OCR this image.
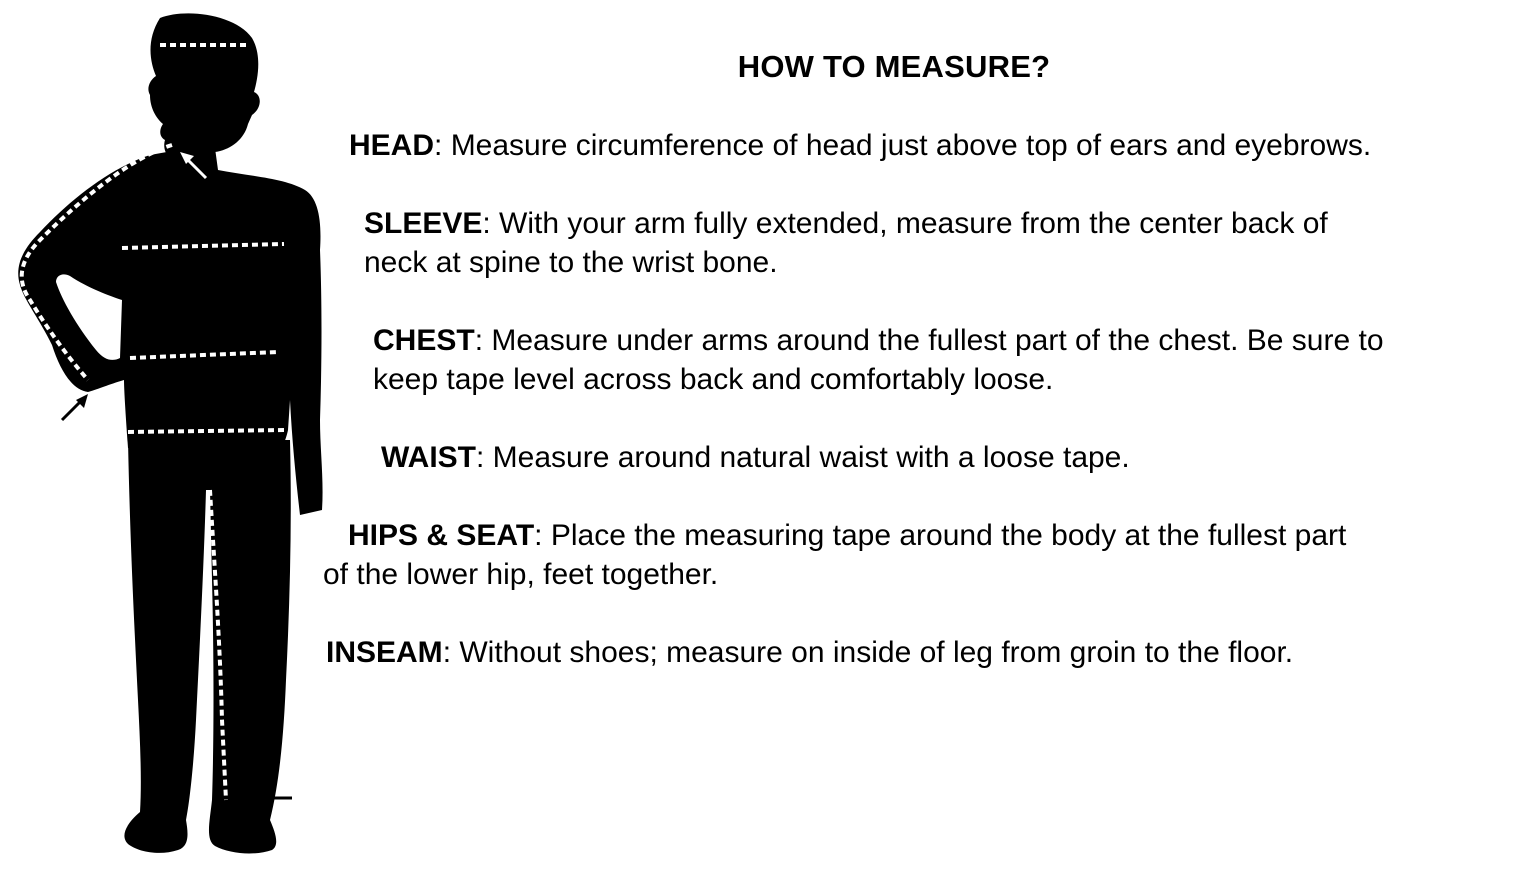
HOW TO MEASURE?
HEAD: Measure circumference of head just above top of ears and eyebrows.
SLEEVE: With your arm fully extended, measure from the center back of
neck at spine to the wrist bone.
CHEST: Measure under arms around the fullest part of the chest. Be sure to
keep tape level across back and comfortably loose.
WAIST: Measure around natural waist with a loose tape.
HIPS & SEAT: Place the measuring tape around the body at the fullest part
of the lower hip, feet together.
INSEAM: Without shoes; measure on inside of leg from groin to the floor.
